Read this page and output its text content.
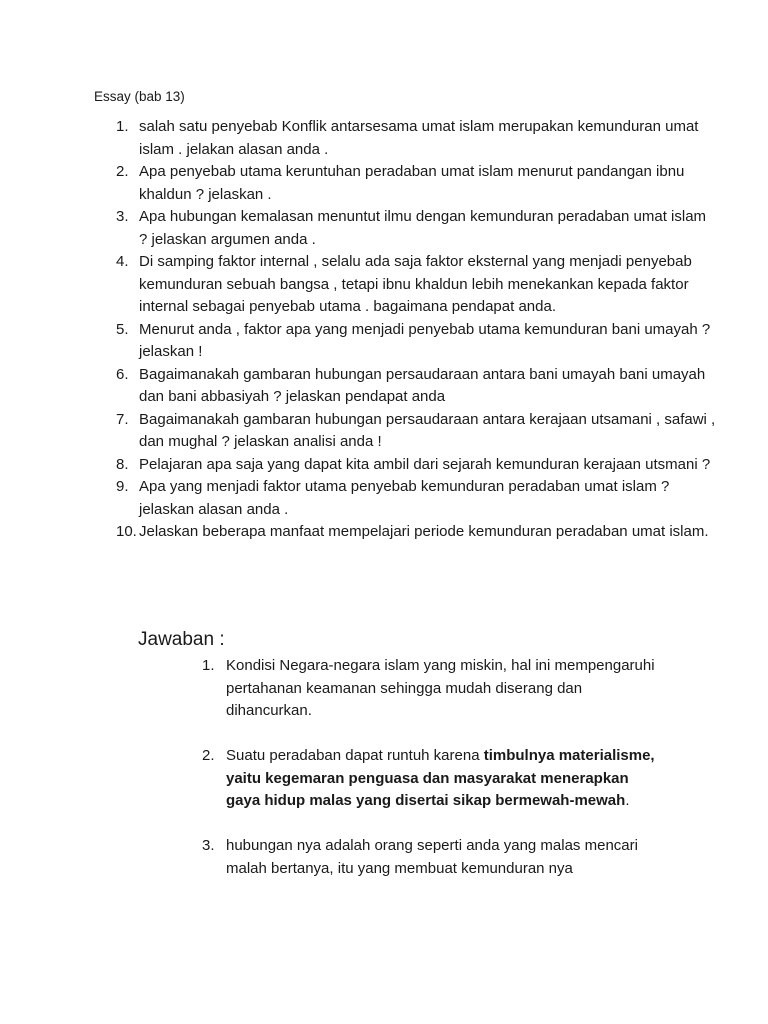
Essay (bab 13)
1. salah satu penyebab Konflik antarsesama umat islam merupakan kemunduran umat islam . jelakan alasan anda .
2. Apa penyebab utama keruntuhan peradaban umat islam menurut pandangan ibnu khaldun ? jelaskan .
3. Apa hubungan kemalasan menuntut ilmu dengan kemunduran peradaban umat islam ? jelaskan argumen anda .
4. Di samping faktor internal , selalu ada saja faktor eksternal yang menjadi penyebab kemunduran sebuah bangsa , tetapi ibnu khaldun lebih menekankan kepada faktor internal sebagai penyebab utama . bagaimana pendapat anda.
5. Menurut anda , faktor apa yang menjadi penyebab utama kemunduran bani umayah ? jelaskan !
6. Bagaimanakah gambaran hubungan persaudaraan antara bani umayah bani umayah dan bani abbasiyah ? jelaskan pendapat anda
7. Bagaimanakah gambaran hubungan persaudaraan antara kerajaan utsamani , safawi , dan mughal ? jelaskan analisi anda !
8. Pelajaran apa saja yang dapat kita ambil dari sejarah kemunduran kerajaan utsmani ?
9. Apa yang menjadi faktor utama penyebab kemunduran peradaban umat islam ? jelaskan alasan anda .
10. Jelaskan beberapa manfaat mempelajari periode kemunduran peradaban umat islam.
Jawaban :
1. Kondisi Negara-negara islam yang miskin, hal ini mempengaruhi pertahanan keamanan sehingga mudah diserang dan dihancurkan.
2. Suatu peradaban dapat runtuh karena timbulnya materialisme, yaitu kegemaran penguasa dan masyarakat menerapkan gaya hidup malas yang disertai sikap bermewah-mewah.
3. hubungan nya adalah orang seperti anda yang malas mencari malah bertanya, itu yang membuat kemunduran nya
